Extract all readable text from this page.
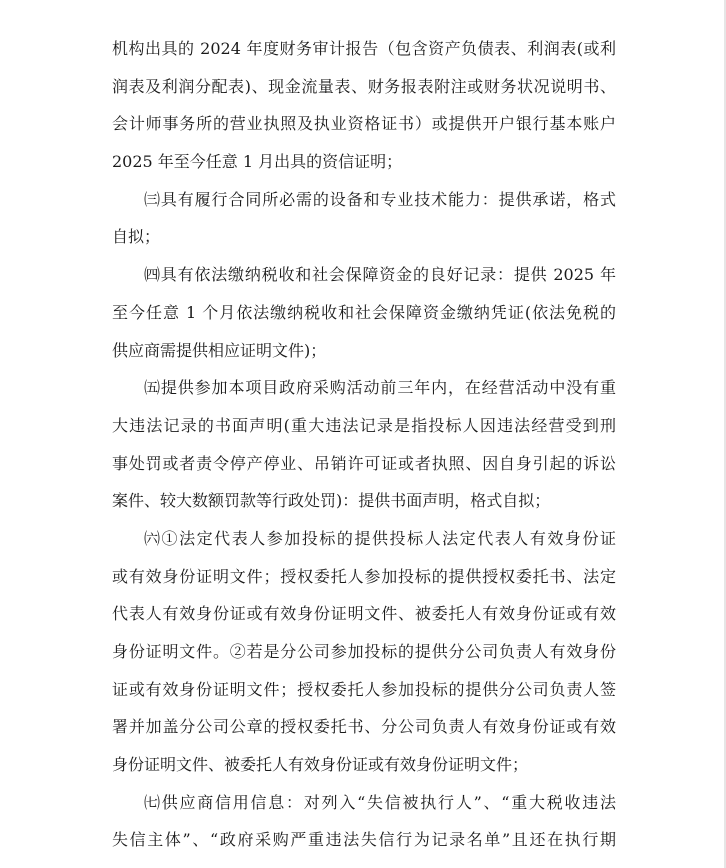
机构出具的 2024 年度财务审计报告（包含资产负债表、利润表(或利
润表及利润分配表)、现金流量表、财务报表附注或财务状况说明书、
会计师事务所的营业执照及执业资格证书）或提供开户银行基本账户
2025 年至今任意 1 月出具的资信证明；
㈢具有履行合同所必需的设备和专业技术能力：提供承诺，格式
自拟；
㈣具有依法缴纳税收和社会保障资金的良好记录：提供 2025 年
至今任意 1 个月依法缴纳税收和社会保障资金缴纳凭证(依法免税的
供应商需提供相应证明文件)；
㈤提供参加本项目政府采购活动前三年内，在经营活动中没有重
大违法记录的书面声明(重大违法记录是指投标人因违法经营受到刑
事处罚或者责令停产停业、吊销许可证或者执照、因自身引起的诉讼
案件、较大数额罚款等行政处罚)：提供书面声明，格式自拟；
㈥①法定代表人参加投标的提供投标人法定代表人有效身份证
或有效身份证明文件；授权委托人参加投标的提供授权委托书、法定
代表人有效身份证或有效身份证明文件、被委托人有效身份证或有效
身份证明文件。②若是分公司参加投标的提供分公司负责人有效身份
证或有效身份证明文件；授权委托人参加投标的提供分公司负责人签
署并加盖分公司公章的授权委托书、分公司负责人有效身份证或有效
身份证明文件、被委托人有效身份证或有效身份证明文件；
㈦供应商信用信息：对列入“失信被执行人”、“重大税收违法
失信主体”、“政府采购严重违法失信行为记录名单”且还在执行期
